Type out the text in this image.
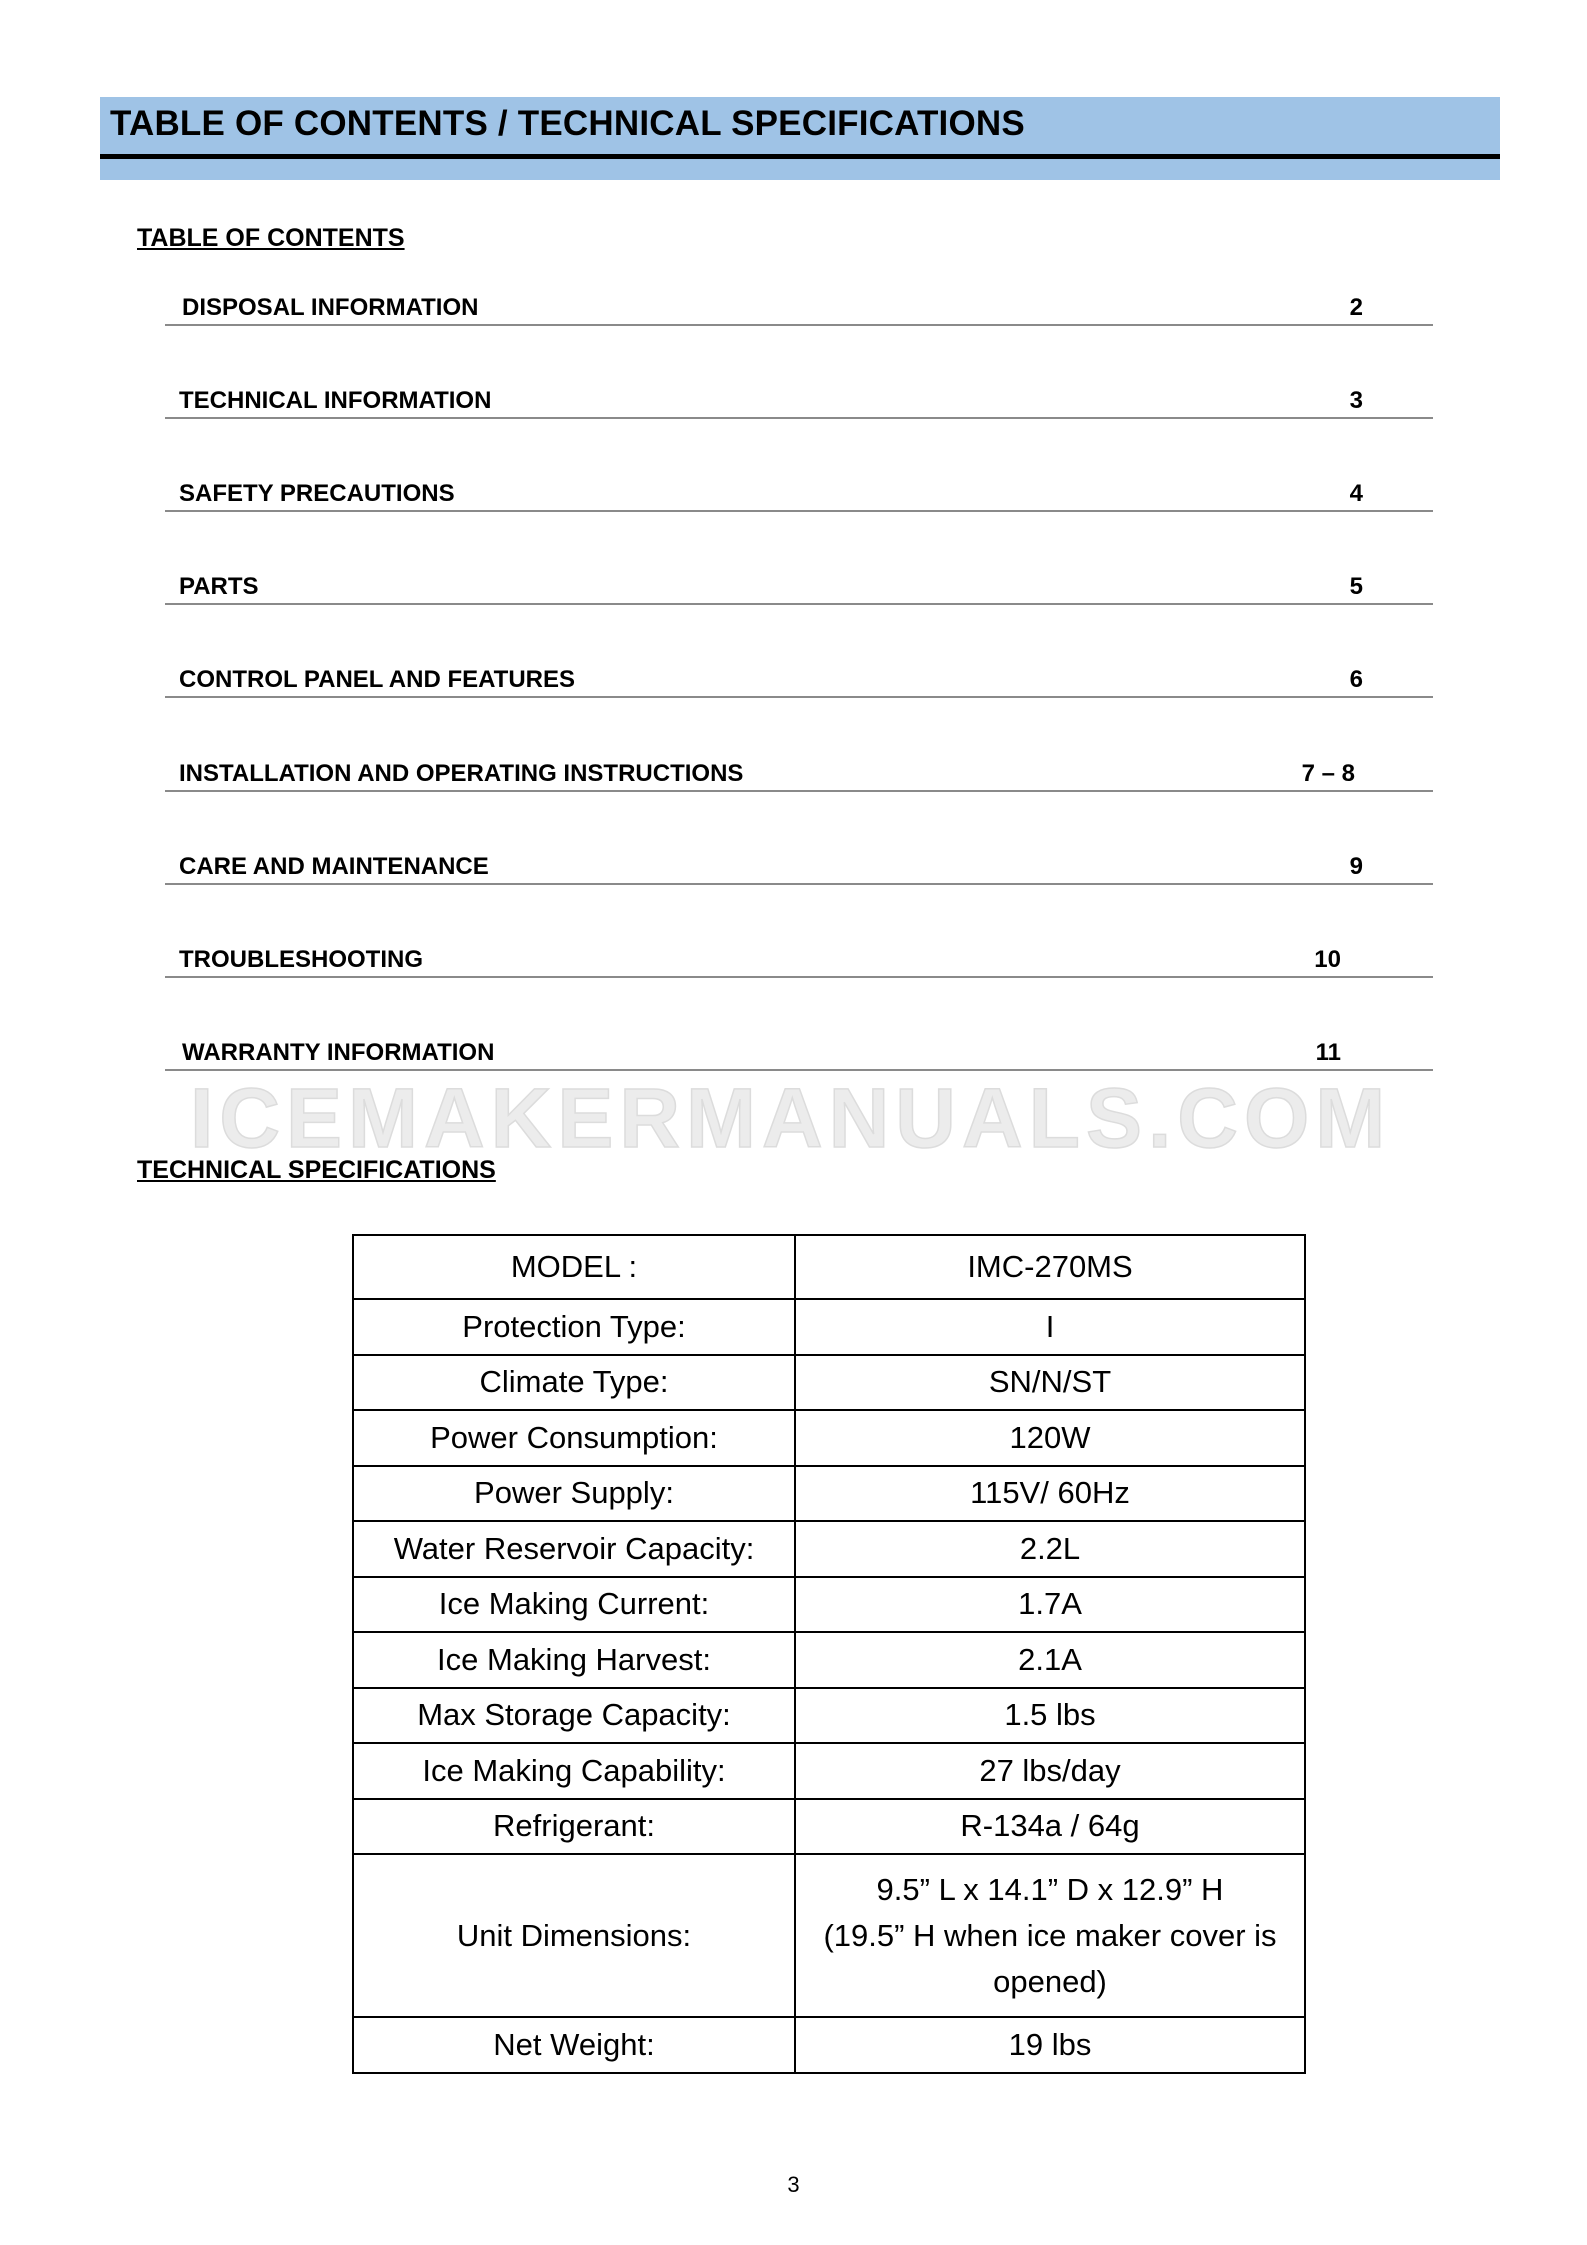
TABLE OF CONTENTS / TECHNICAL SPECIFICATIONS
TABLE OF CONTENTS
DISPOSAL INFORMATION	2
TECHNICAL INFORMATION	3
SAFETY PRECAUTIONS	4
PARTS	5
CONTROL PANEL AND FEATURES	6
INSTALLATION AND OPERATING INSTRUCTIONS	7 – 8
CARE AND MAINTENANCE	9
TROUBLESHOOTING	10
WARRANTY INFORMATION	11
ICEMAKERMANUALS.COM
TECHNICAL SPECIFICATIONS
MODEL :	IMC-270MS
Protection Type:	I
Climate Type:	SN/N/ST
Power Consumption:	120W
Power Supply:	115V/ 60Hz
Water Reservoir Capacity:	2.2L
Ice Making Current:	1.7A
Ice Making Harvest:	2.1A
Max Storage Capacity:	1.5 lbs
Ice Making Capability:	27 lbs/day
Refrigerant:	R-134a / 64g
Unit Dimensions:	9.5” L x 14.1” D x 12.9” H
(19.5” H when ice maker cover is
opened)

Net Weight:	19 lbs
3
